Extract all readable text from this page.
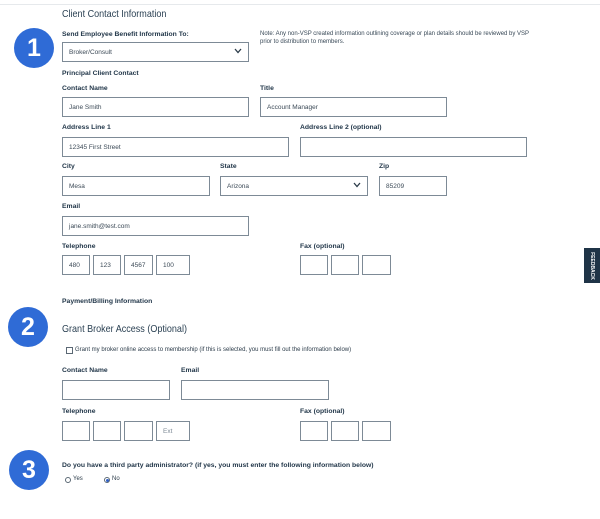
1
2
3
Client Contact Information
Send Employee Benefit Information To:
Broker/Consult
Note: Any non-VSP created information outlining coverage or plan details should be reviewed by VSP prior to distribution to members.
Principal Client Contact
Contact Name
Jane Smith
Title
Account Manager
Address Line 1
12345 First Street
Address Line 2 (optional)
City
Mesa
State
Arizona
Zip
85209
Email
jane.smith@test.com
Telephone
480	123	4567	100
Fax (optional)
Payment/Billing Information
Grant Broker Access (Optional)
Grant my broker online access to membership (if this is selected, you must fill out the information below)
Contact Name	Email
Telephone
Ext
Fax (optional)
Do you have a third party administrator? (if yes, you must enter the following information below)
Yes	No
FEEDBACK
